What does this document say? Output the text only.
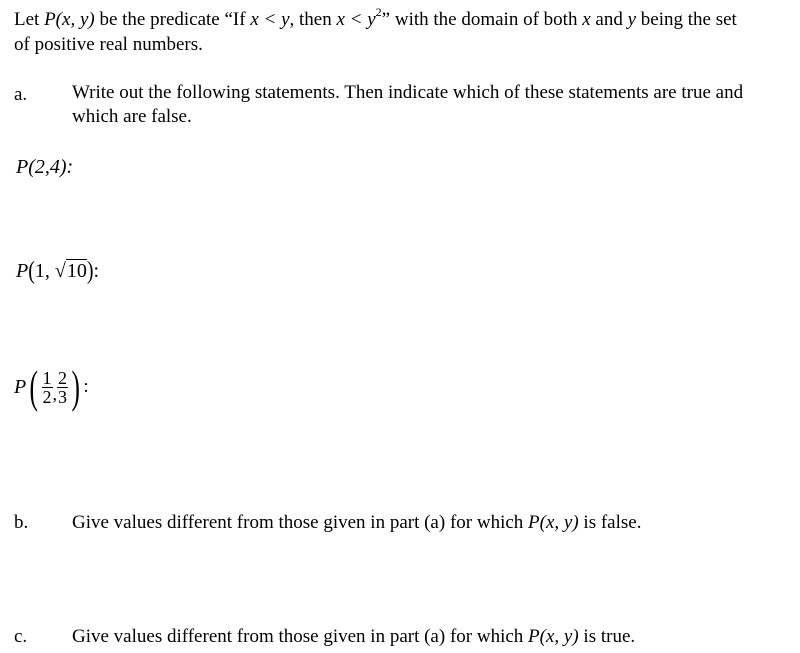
Let P(x, y) be the predicate “If x < y, then $x < y^2$” with the domain of both x and y being the set
of positive real numbers.
a. Write out the following statements. Then indicate which of these statements are true and
which are false.
P(2,4):
P(1, √10):
P ( $\frac{1}{2}$ , $\frac{2}{3}$ ) :
b. Give values different from those given in part (a) for which P(x, y) is false.
c. Give values different from those given in part (a) for which P(x, y) is true.
